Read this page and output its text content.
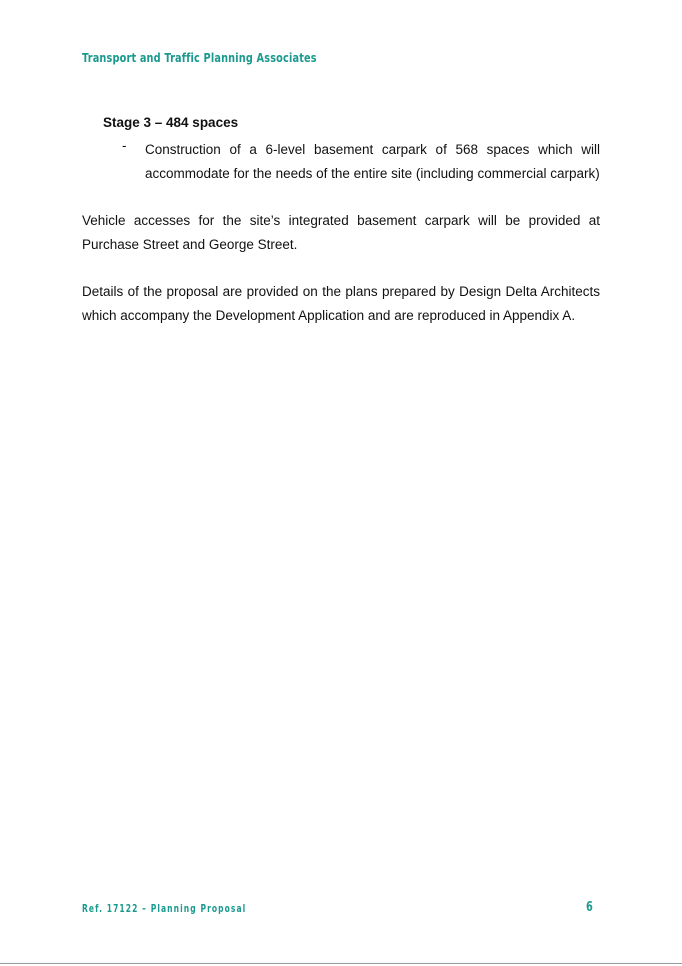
Transport and Traffic Planning Associates
Stage 3 – 484 spaces
- Construction of a 6-level basement carpark of 568 spaces which will accommodate for the needs of the entire site (including commercial carpark)
Vehicle accesses for the site’s integrated basement carpark will be provided at Purchase Street and George Street.
Details of the proposal are provided on the plans prepared by Design Delta Architects which accompany the Development Application and are reproduced in Appendix A.
Ref. 17122 – Planning Proposal	6
